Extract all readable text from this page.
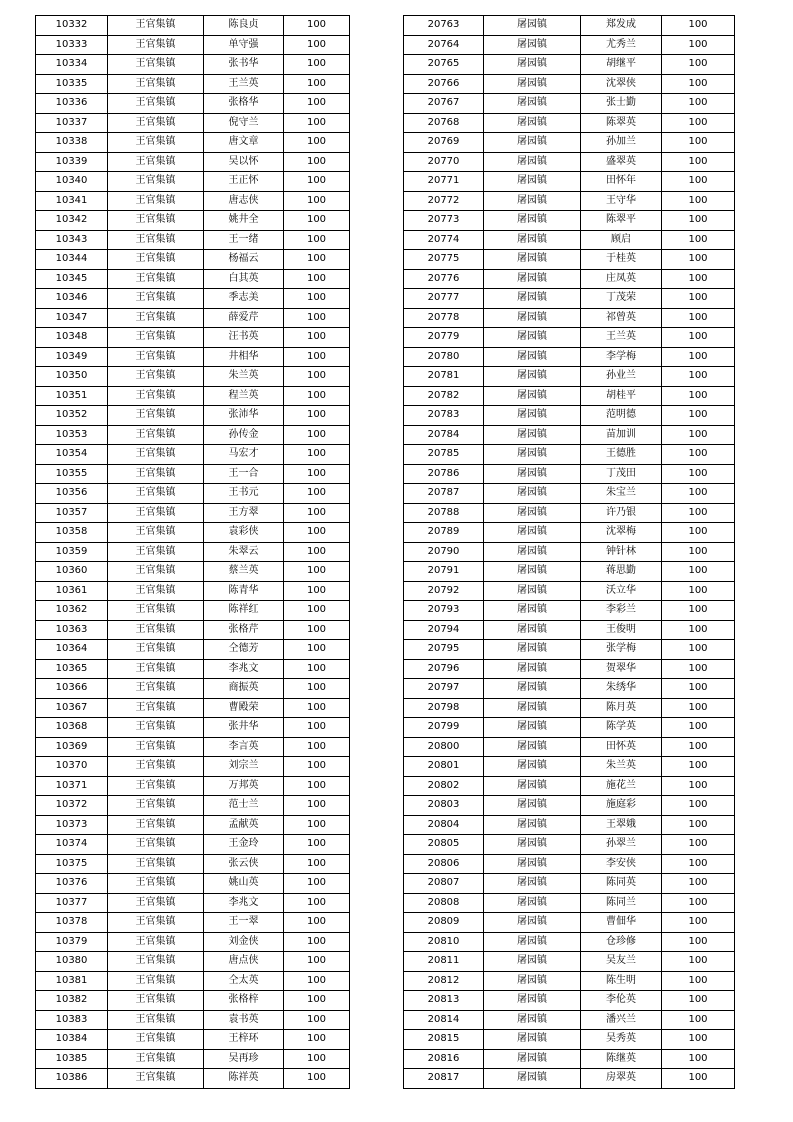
10332	王官集镇	陈良贞	100
10333	王官集镇	单守强	100
10334	王官集镇	张书华	100
10335	王官集镇	王兰英	100
10336	王官集镇	张格华	100
10337	王官集镇	倪守兰	100
10338	王官集镇	唐文章	100
10339	王官集镇	吴以怀	100
10340	王官集镇	王正怀	100
10341	王官集镇	唐志侠	100
10342	王官集镇	姚井全	100
10343	王官集镇	王一绪	100
10344	王官集镇	杨福云	100
10345	王官集镇	白其英	100
10346	王官集镇	季志美	100
10347	王官集镇	薛爱芹	100
10348	王官集镇	汪书英	100
10349	王官集镇	井相华	100
10350	王官集镇	朱兰英	100
10351	王官集镇	程兰英	100
10352	王官集镇	张沛华	100
10353	王官集镇	孙传金	100
10354	王官集镇	马宏才	100
10355	王官集镇	王一合	100
10356	王官集镇	王书元	100
10357	王官集镇	王方翠	100
10358	王官集镇	袁彩侠	100
10359	王官集镇	朱翠云	100
10360	王官集镇	蔡兰英	100
10361	王官集镇	陈青华	100
10362	王官集镇	陈祥红	100
10363	王官集镇	张格芹	100
10364	王官集镇	仝德芳	100
10365	王官集镇	李兆文	100
10366	王官集镇	商振英	100
10367	王官集镇	曹殿荣	100
10368	王官集镇	张井华	100
10369	王官集镇	李言英	100
10370	王官集镇	刘宗兰	100
10371	王官集镇	万邦英	100
10372	王官集镇	范士兰	100
10373	王官集镇	孟献英	100
10374	王官集镇	王金玲	100
10375	王官集镇	张云侠	100
10376	王官集镇	姚山英	100
10377	王官集镇	李兆文	100
10378	王官集镇	王一翠	100
10379	王官集镇	刘金侠	100
10380	王官集镇	唐点侠	100
10381	王官集镇	仝太英	100
10382	王官集镇	张格梓	100
10383	王官集镇	袁书英	100
10384	王官集镇	王梓环	100
10385	王官集镇	吴再珍	100
10386	王官集镇	陈祥英	100
20763	屠园镇	郑发成	100
20764	屠园镇	尤秀兰	100
20765	屠园镇	胡继平	100
20766	屠园镇	沈翠侠	100
20767	屠园镇	张士勤	100
20768	屠园镇	陈翠英	100
20769	屠园镇	孙加兰	100
20770	屠园镇	盛翠英	100
20771	屠园镇	田怀年	100
20772	屠园镇	王守华	100
20773	屠园镇	陈翠平	100
20774	屠园镇	顾启	100
20775	屠园镇	于桂英	100
20776	屠园镇	庄凤英	100
20777	屠园镇	丁茂荣	100
20778	屠园镇	祁曾英	100
20779	屠园镇	王兰英	100
20780	屠园镇	李学梅	100
20781	屠园镇	孙业兰	100
20782	屠园镇	胡桂平	100
20783	屠园镇	范明德	100
20784	屠园镇	苗加训	100
20785	屠园镇	王德胜	100
20786	屠园镇	丁茂田	100
20787	屠园镇	朱宝兰	100
20788	屠园镇	许乃银	100
20789	屠园镇	沈翠梅	100
20790	屠园镇	钟针林	100
20791	屠园镇	蒋思勤	100
20792	屠园镇	沃立华	100
20793	屠园镇	李彩兰	100
20794	屠园镇	王俊明	100
20795	屠园镇	张学梅	100
20796	屠园镇	贺翠华	100
20797	屠园镇	朱绣华	100
20798	屠园镇	陈月英	100
20799	屠园镇	陈学英	100
20800	屠园镇	田怀英	100
20801	屠园镇	朱兰英	100
20802	屠园镇	施花兰	100
20803	屠园镇	施庭彩	100
20804	屠园镇	王翠娥	100
20805	屠园镇	孙翠兰	100
20806	屠园镇	李安侠	100
20807	屠园镇	陈同英	100
20808	屠园镇	陈同兰	100
20809	屠园镇	曹佃华	100
20810	屠园镇	仓珍修	100
20811	屠园镇	吴友兰	100
20812	屠园镇	陈生明	100
20813	屠园镇	李伦英	100
20814	屠园镇	潘兴兰	100
20815	屠园镇	吴秀英	100
20816	屠园镇	陈继英	100
20817	屠园镇	房翠英	100
